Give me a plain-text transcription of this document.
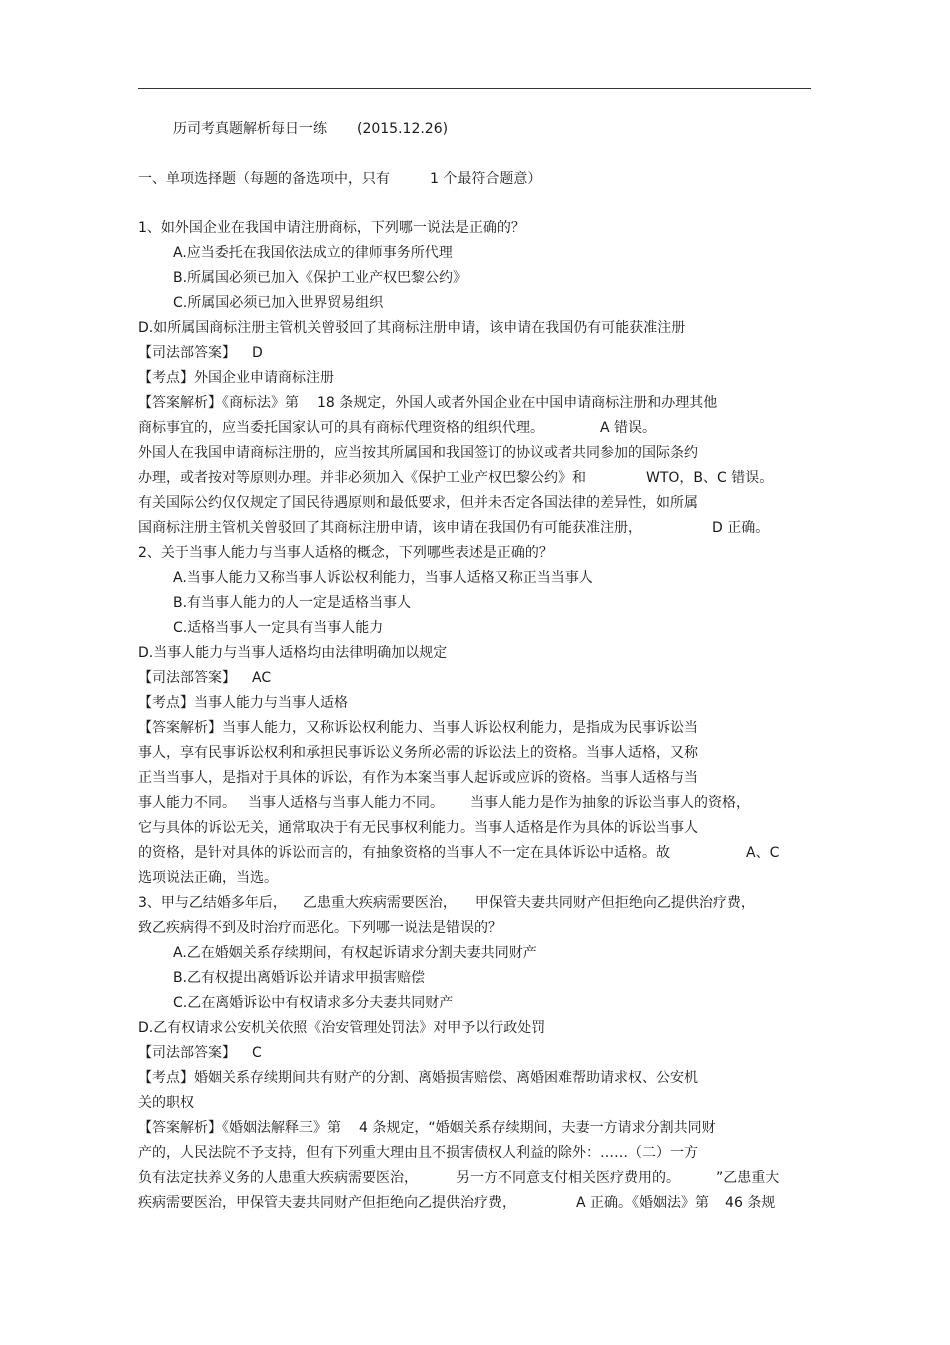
历司考真题解析每日一练 (2015.12.26)
一、单项选择题（每题的备选项中，只有	1 个最符合题意）
1、如外国企业在我国申请注册商标，下列哪一说法是正确的？
A.应当委托在我国依法成立的律师事务所代理
B.所属国必须已加入《保护工业产权巴黎公约》
C.所属国必须已加入世界贸易组织
D.如所属国商标注册主管机关曾驳回了其商标注册申请，该申请在我国仍有可能获准注册
【司法部答案】 D
【考点】外国企业申请商标注册
【答案解析】《商标法》第 18 条规定，外国人或者外国企业在中国申请商标注册和办理其他
商标事宜的，应当委托国家认可的具有商标代理资格的组织代理。	A 错误。
外国人在我国申请商标注册的，应当按其所属国和我国签订的协议或者共同参加的国际条约
办理，或者按对等原则办理。并非必须加入《保护工业产权巴黎公约》和	WTO，B、C 错误。
有关国际公约仅仅规定了国民待遇原则和最低要求，但并未否定各国法律的差异性，如所属
国商标注册主管机关曾驳回了其商标注册申请，该申请在我国仍有可能获准注册，	D 正确。
2、关于当事人能力与当事人适格的概念，下列哪些表述是正确的？
A.当事人能力又称当事人诉讼权利能力，当事人适格又称正当当事人
B.有当事人能力的人一定是适格当事人
C.适格当事人一定具有当事人能力
D.当事人能力与当事人适格均由法律明确加以规定
【司法部答案】 AC
【考点】当事人能力与当事人适格
【答案解析】当事人能力，又称诉讼权利能力、当事人诉讼权利能力，是指成为民事诉讼当
事人，享有民事诉讼权利和承担民事诉讼义务所必需的诉讼法上的资格。当事人适格，又称
正当当事人，是指对于具体的诉讼，有作为本案当事人起诉或应诉的资格。当事人适格与当
事人能力不同。 当事人适格与当事人能力不同。 当事人能力是作为抽象的诉讼当事人的资格，
它与具体的诉讼无关，通常取决于有无民事权利能力。当事人适格是作为具体的诉讼当事人
的资格，是针对具体的诉讼而言的，有抽象资格的当事人不一定在具体诉讼中适格。故	A、C
选项说法正确，当选。
3、甲与乙结婚多年后， 乙患重大疾病需要医治， 甲保管夫妻共同财产但拒绝向乙提供治疗费，
致乙疾病得不到及时治疗而恶化。下列哪一说法是错误的？
A.乙在婚姻关系存续期间，有权起诉请求分割夫妻共同财产
B.乙有权提出离婚诉讼并请求甲损害赔偿
C.乙在离婚诉讼中有权请求多分夫妻共同财产
D.乙有权请求公安机关依照《治安管理处罚法》对甲予以行政处罚
【司法部答案】 C
【考点】婚姻关系存续期间共有财产的分割、离婚损害赔偿、离婚困难帮助请求权、公安机
关的职权
【答案解析】《婚姻法解释三》第 4 条规定，“婚姻关系存续期间，夫妻一方请求分割共同财
产的，人民法院不予支持，但有下列重大理由且不损害债权人利益的除外：……（二）一方
负有法定扶养义务的人患重大疾病需要医治，	另一方不同意支付相关医疗费用的。	”乙患重大
疾病需要医治，甲保管夫妻共同财产但拒绝向乙提供治疗费，	A 正确。《婚姻法》第 46 条规
